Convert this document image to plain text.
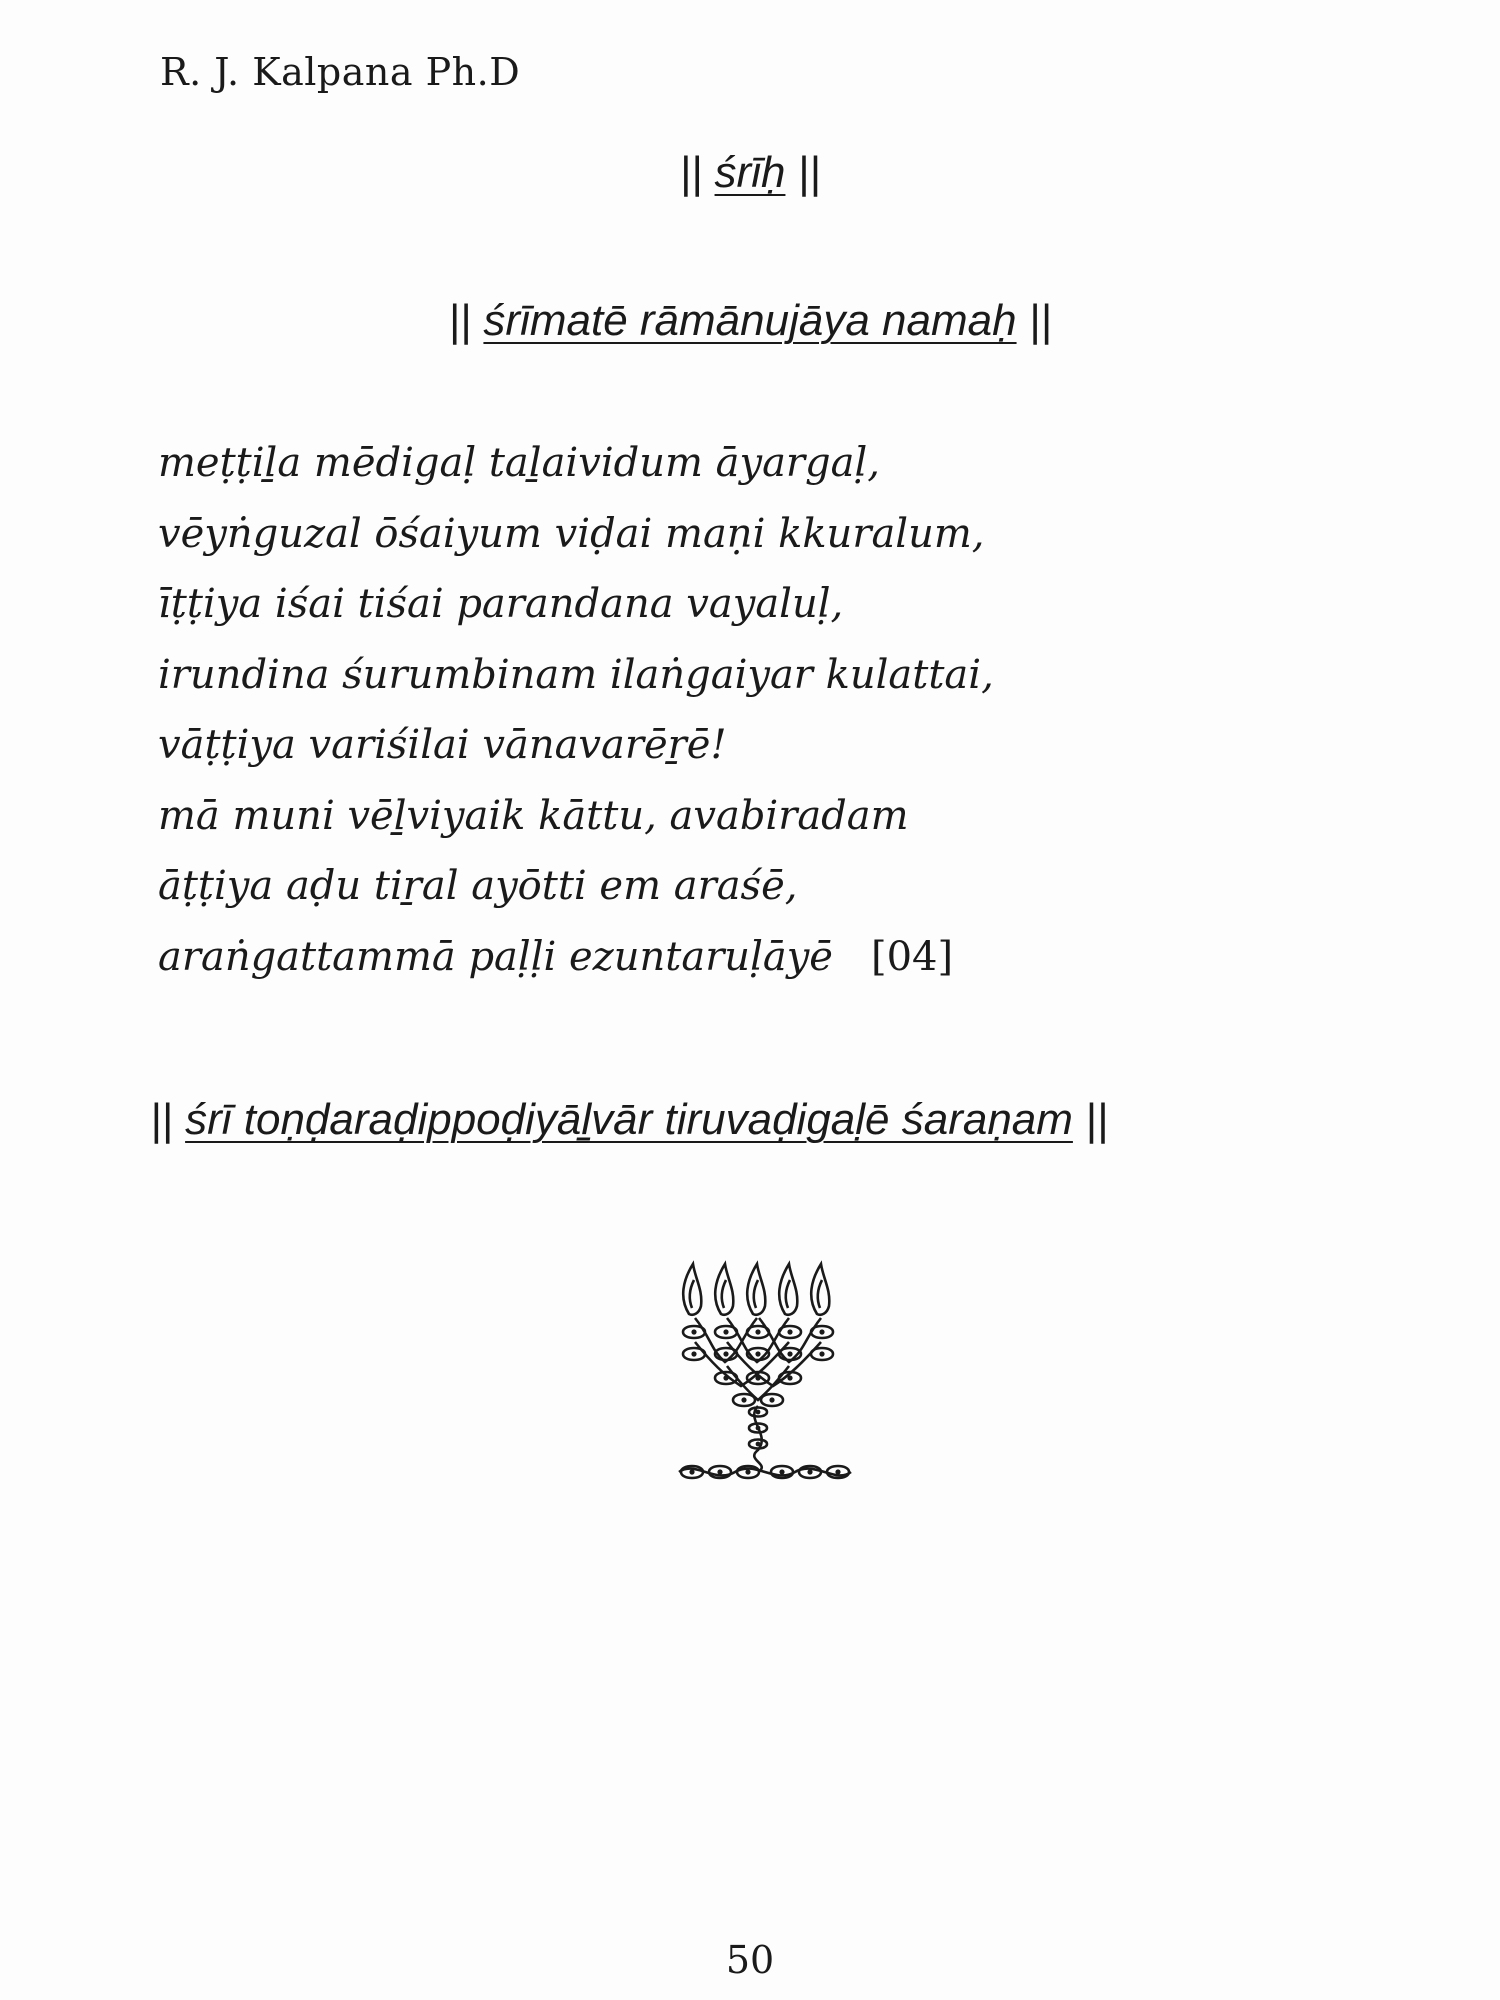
R. J. Kalpana Ph.D
|| śrīḥ ||
|| śrīmatē rāmānujāya namaḥ ||
meṭṭiḻa mēdigaḷ taḻaividum āyargaḷ,
vēyṅguzal ōśaiyum viḍai maṇi kkuralum,
īṭṭiya iśai tiśai parandana vayaluḷ,
irundina śurumbinam ilaṅgaiyar kulattai,
vāṭṭiya variśilai vānavarēṟē!
mā muni vēḻviyaik kāttu, avabiradam
āṭṭiya aḍu tiṟal ayōtti em araśē,
araṅgattammā paḷḷi ezuntaruḷāyē [04]
|| śrī toṇḍaraḍippoḍiyāḻvār tiruvaḍigaḷē śaraṇam ||
50
